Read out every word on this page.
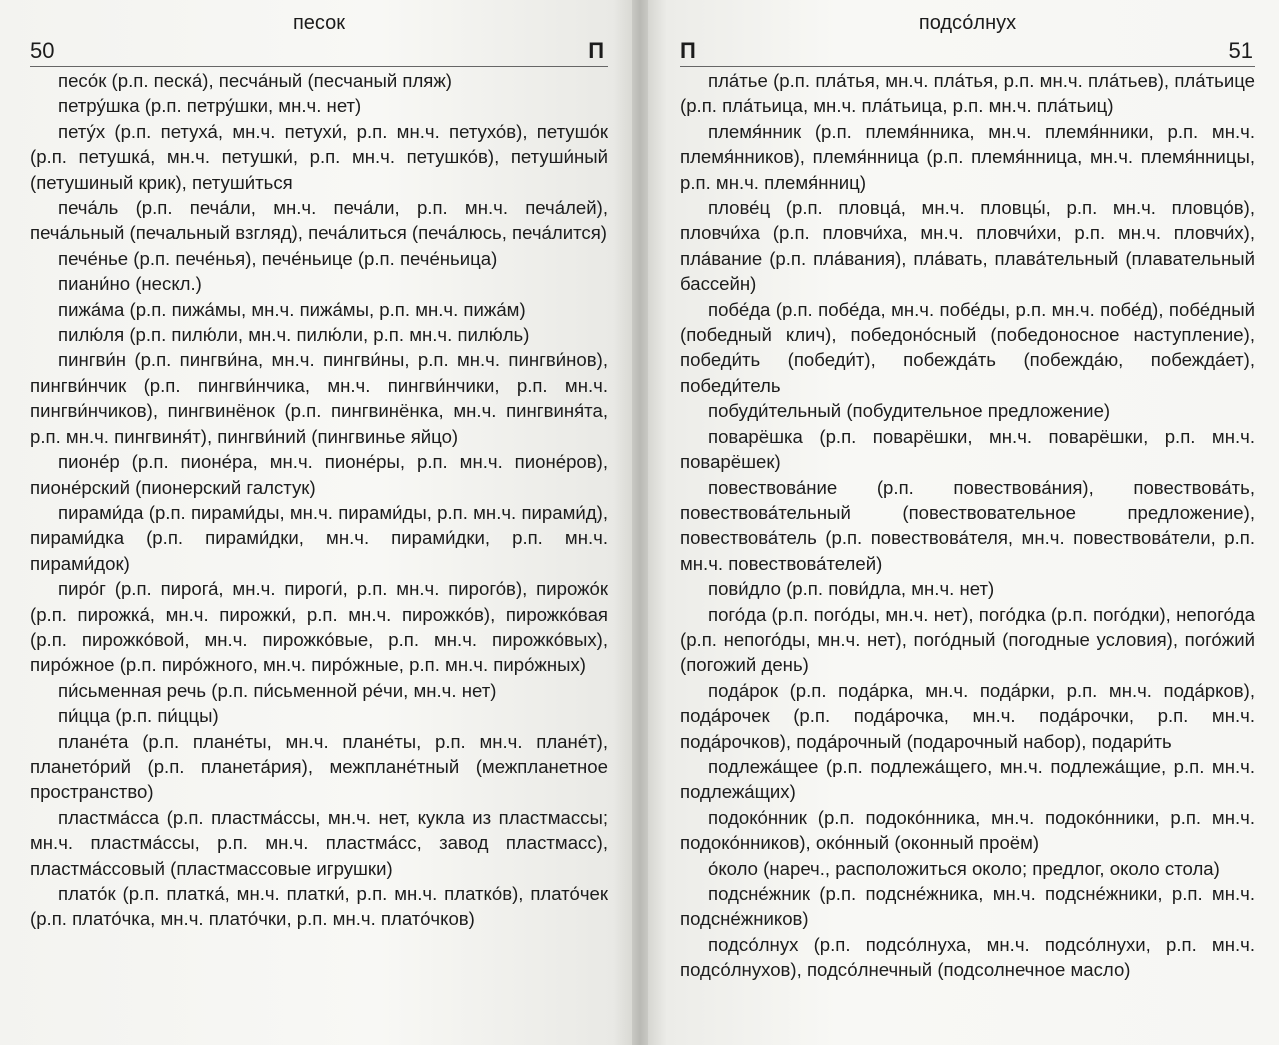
песок
50	П

песо́к (р.п. песка́), песча́ный (песчаный пляж)

петру́шка (р.п. петру́шки, мн.ч. нет)

пету́х (р.п. петуха́, мн.ч. петухи́, р.п. мн.ч. петухо́в), петушо́к (р.п. петушка́, мн.ч. петушки́, р.п. мн.ч. петушко́в), петуши́ный (петушиный крик), петуши́ться

печа́ль (р.п. печа́ли, мн.ч. печа́ли, р.п. мн.ч. печа́лей), печа́льный (печальный взгляд), печа́литься (печа́люсь, печа́лится)

пече́нье (р.п. пече́нья), пече́ньице (р.п. пече́ньица)

пиани́но (нескл.)

пижа́ма (р.п. пижа́мы, мн.ч. пижа́мы, р.п. мн.ч. пижа́м)

пилю́ля (р.п. пилю́ли, мн.ч. пилю́ли, р.п. мн.ч. пилю́ль)

пингви́н (р.п. пингви́на, мн.ч. пингви́ны, р.п. мн.ч. пингви́нов), пингви́нчик (р.п. пингви́нчика, мн.ч. пингви́нчики, р.п. мн.ч. пингви́нчиков), пингвинёнок (р.п. пингвинёнка, мн.ч. пингвиня́та, р.п. мн.ч. пингвиня́т), пингви́ний (пингвинье яйцо)

пионе́р (р.п. пионе́ра, мн.ч. пионе́ры, р.п. мн.ч. пионе́ров), пионе́рский (пионерский галстук)

пирами́да (р.п. пирами́ды, мн.ч. пирами́ды, р.п. мн.ч. пирами́д), пирами́дка (р.п. пирами́дки, мн.ч. пирами́дки, р.п. мн.ч. пирами́док)

пиро́г (р.п. пирога́, мн.ч. пироги́, р.п. мн.ч. пирого́в), пирожо́к (р.п. пирожка́, мн.ч. пирожки́, р.п. мн.ч. пирожко́в), пирожко́вая (р.п. пирожко́вой, мн.ч. пирожко́вые, р.п. мн.ч. пирожко́вых), пиро́жное (р.п. пиро́жного, мн.ч. пиро́жные, р.п. мн.ч. пиро́жных)

пи́сьменная речь (р.п. пи́сьменной ре́чи, мн.ч. нет)

пи́цца (р.п. пи́ццы)

плане́та (р.п. плане́ты, мн.ч. плане́ты, р.п. мн.ч. плане́т), плането́рий (р.п. планета́рия), межплане́тный (межпланетное пространство)

пластма́сса (р.п. пластма́ссы, мн.ч. нет, кукла из пластмассы; мн.ч. пластма́ссы, р.п. мн.ч. пластма́сс, завод пластмасс), пластма́ссовый (пластмассовые игрушки)

плато́к (р.п. платка́, мн.ч. платки́, р.п. мн.ч. платко́в), плато́чек (р.п. плато́чка, мн.ч. плато́чки, р.п. мн.ч. плато́чков)

подсо́лнух
П	51

пла́тье (р.п. пла́тья, мн.ч. пла́тья, р.п. мн.ч. пла́тьев), пла́тьице (р.п. пла́тьица, мн.ч. пла́тьица, р.п. мн.ч. пла́тьиц)

племя́нник (р.п. племя́нника, мн.ч. племя́нники, р.п. мн.ч. племя́нников), племя́нница (р.п. племя́нница, мн.ч. племя́нницы, р.п. мн.ч. племя́нниц)

плове́ц (р.п. пловца́, мн.ч. пловцы́, р.п. мн.ч. пловцо́в), пловчи́ха (р.п. пловчи́ха, мн.ч. пловчи́хи, р.п. мн.ч. пловчи́х), пла́вание (р.п. пла́вания), пла́вать, плава́тельный (плавательный бассейн)

побе́да (р.п. побе́да, мн.ч. побе́ды, р.п. мн.ч. побе́д), побе́дный (победный клич), победоно́сный (победоносное наступление), победи́ть (победи́т), побежда́ть (побежда́ю, побежда́ет), победи́тель

побуди́тельный (побудительное предложение)

поварёшка (р.п. поварёшки, мн.ч. поварёшки, р.п. мн.ч. поварёшек)

повествова́ние (р.п. повествова́ния), повествова́ть, повествова́тельный (повествовательное предложение), повествова́тель (р.п. повествова́теля, мн.ч. повествова́тели, р.п. мн.ч. повествова́телей)

пови́дло (р.п. пови́дла, мн.ч. нет)

пого́да (р.п. пого́ды, мн.ч. нет), пого́дка (р.п. пого́дки), непого́да (р.п. непого́ды, мн.ч. нет), пого́дный (погодные условия), пого́жий (погожий день)

пода́рок (р.п. пода́рка, мн.ч. пода́рки, р.п. мн.ч. пода́рков), пода́рочек (р.п. пода́рочка, мн.ч. пода́рочки, р.п. мн.ч. пода́рочков), пода́рочный (подарочный набор), подари́ть

подлежа́щее (р.п. подлежа́щего, мн.ч. подлежа́щие, р.п. мн.ч. подлежа́щих)

подоко́нник (р.п. подоко́нника, мн.ч. подоко́нники, р.п. мн.ч. подоко́нников), око́нный (оконный проём)

о́коло (нареч., расположиться около; предлог, около стола)

подсне́жник (р.п. подсне́жника, мн.ч. подсне́жники, р.п. мн.ч. подсне́жников)

подсо́лнух (р.п. подсо́лнуха, мн.ч. подсо́лнухи, р.п. мн.ч. подсо́лнухов), подсо́лнечный (подсолнечное масло)
